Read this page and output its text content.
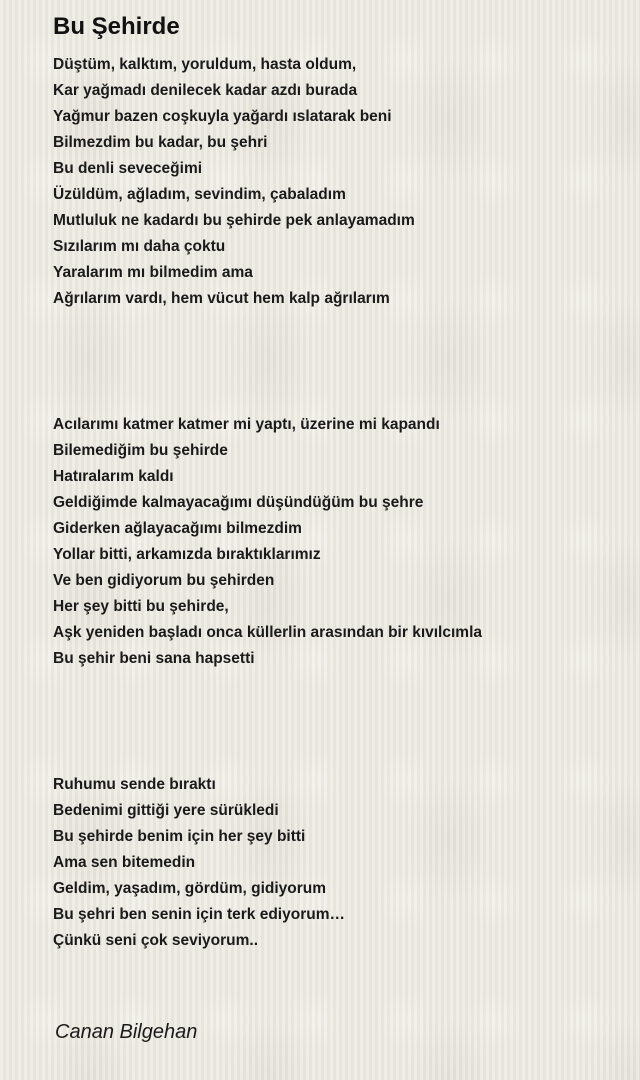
Bu Şehirde
Düştüm, kalktım, yoruldum, hasta oldum,
Kar yağmadı denilecek kadar azdı burada
Yağmur bazen coşkuyla yağardı ıslatarak beni
Bilmezdim bu kadar, bu şehri
Bu denli seveceğimi
Üzüldüm, ağladım, sevindim, çabaladım
Mutluluk ne kadardı bu şehirde pek anlayamadım
Sızılarım mı daha çoktu
Yaralarım mı bilmedim ama
Ağrılarım vardı, hem vücut hem kalp ağrılarım
Acılarımı katmer katmer mi yaptı, üzerine mi kapandı
Bilemediğim bu şehirde
Hatıralarım kaldı
Geldiğimde kalmayacağımı düşündüğüm bu şehre
Giderken ağlayacağımı bilmezdim
Yollar bitti, arkamızda bıraktıklarımız
Ve ben gidiyorum bu şehirden
Her şey bitti bu şehirde,
Aşk yeniden başladı onca küllerlin arasından bir kıvılcımla
Bu şehir beni sana hapsetti
Ruhumu sende bıraktı
Bedenimi gittiği yere sürükledi
Bu şehirde benim için her şey bitti
Ama sen bitemedin
Geldim, yaşadım, gördüm, gidiyorum
Bu şehri ben senin için terk ediyorum…
Çünkü seni çok seviyorum..
Canan Bilgehan
